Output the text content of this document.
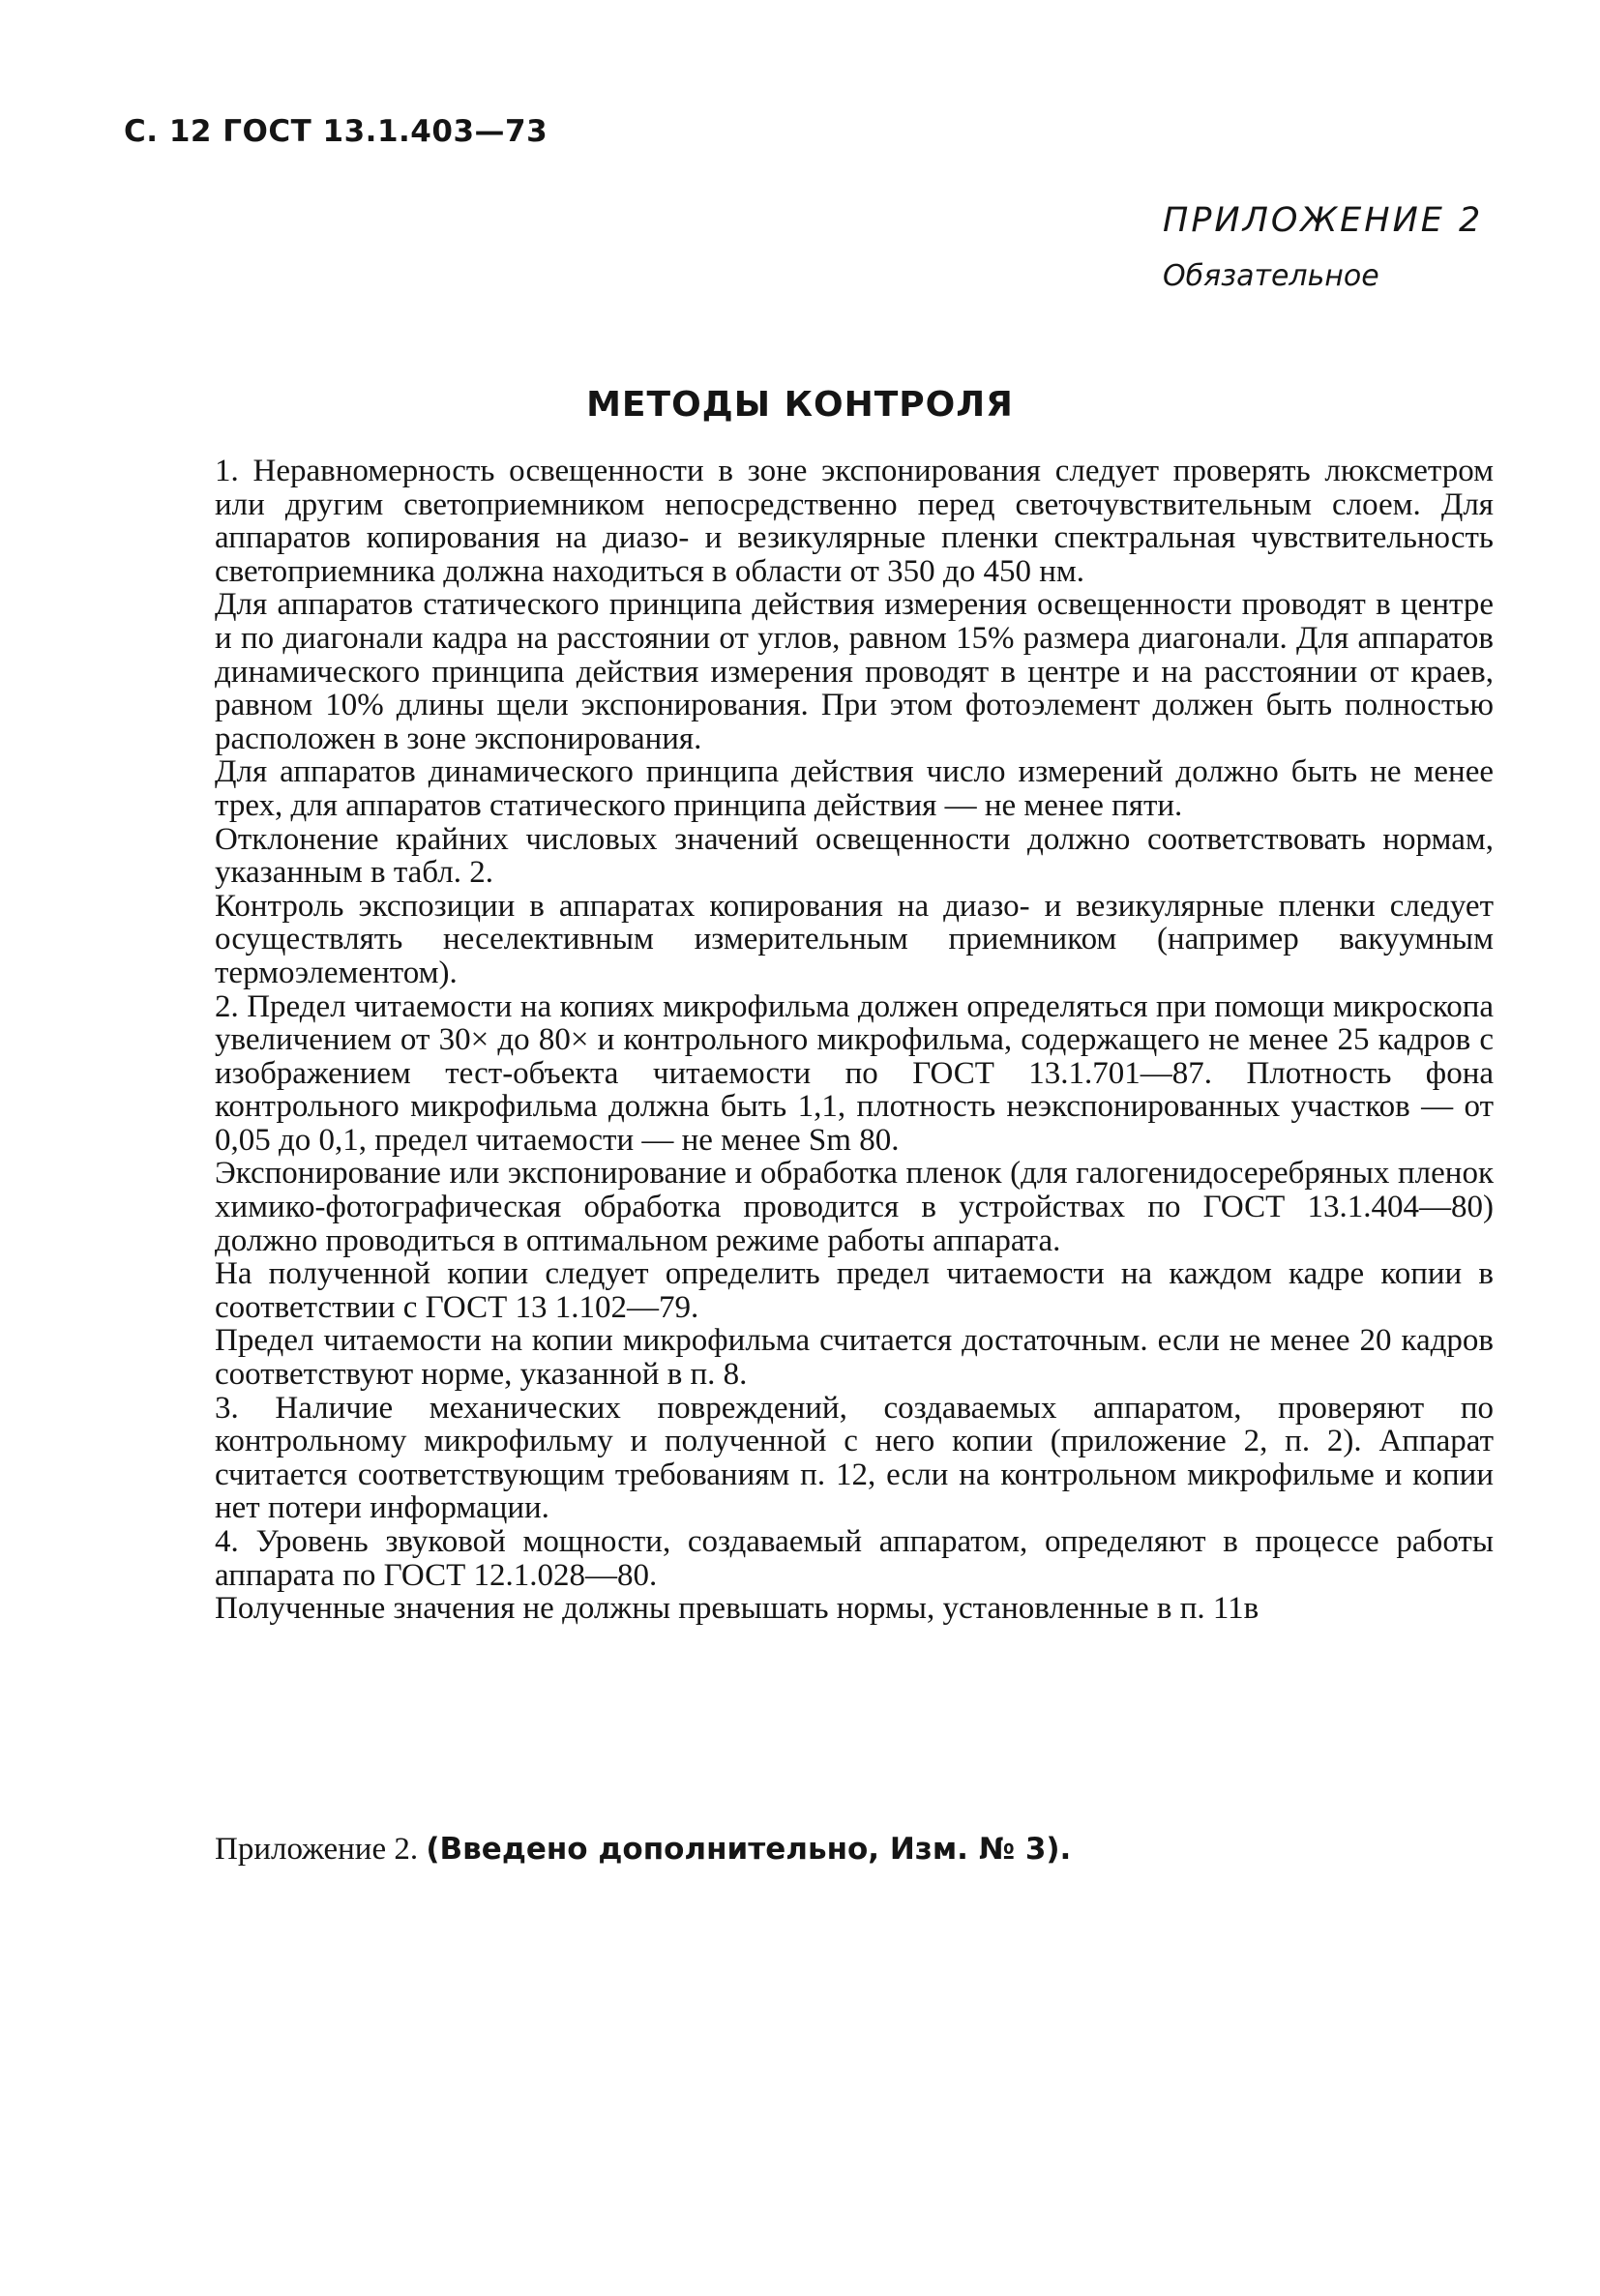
С. 12 ГОСТ 13.1.403—73
ПРИЛОЖЕНИЕ 2
Обязательное
МЕТОДЫ КОНТРОЛЯ

1. Неравномерность освещенности в зоне экспонирования следует проверять люксметром или другим светоприемником непосредственно перед светочувствительным слоем. Для аппаратов копирования на диазо- и везикулярные пленки спектральная чувствительность светоприемника должна находиться в области от 350 до 450 нм.

Для аппаратов статического принципа действия измерения освещенности проводят в центре и по диагонали кадра на расстоянии от углов, равном 15% размера диагонали. Для аппаратов динамического принципа действия измерения проводят в центре и на расстоянии от краев, равном 10% длины щели экспонирования. При этом фотоэлемент должен быть полностью расположен в зоне экспонирования.

Для аппаратов динамического принципа действия число измерений должно быть не менее трех, для аппаратов статического принципа действия — не менее пяти.

Отклонение крайних числовых значений освещенности должно соответствовать нормам, указанным в табл. 2.

Контроль экспозиции в аппаратах копирования на диазо- и везикулярные пленки следует осуществлять неселективным измерительным приемником (например вакуумным термоэлементом).

2. Предел читаемости на копиях микрофильма должен определяться при помощи микроскопа увеличением от 30× до 80× и контрольного микрофильма, содержащего не менее 25 кадров с изображением тест-объекта читаемости по ГОСТ 13.1.701—87. Плотность фона контрольного микрофильма должна быть 1,1, плотность неэкспонированных участков — от 0,05 до 0,1, предел читаемости — не менее Sm 80.

Экспонирование или экспонирование и обработка пленок (для галогенидосеребряных пленок химико-фотографическая обработка проводится в устройствах по ГОСТ 13.1.404—80) должно проводиться в оптимальном режиме работы аппарата.

На полученной копии следует определить предел читаемости на каждом кадре копии в соответствии с ГОСТ 13 1.102—79.

Предел читаемости на копии микрофильма считается достаточным. если не менее 20 кадров соответствуют норме, указанной в п. 8.

3. Наличие механических повреждений, создаваемых аппаратом, проверяют по контрольному микрофильму и полученной с него копии (приложение 2, п. 2). Аппарат считается соответствующим требованиям п. 12, если на контрольном микрофильме и копии нет потери информации.

4. Уровень звуковой мощности, создаваемый аппаратом, определяют в процессе работы аппарата по ГОСТ 12.1.028—80.

Полученные значения не должны превышать нормы, установленные в п. 11в

Приложение 2. (Введено дополнительно, Изм. № 3).
